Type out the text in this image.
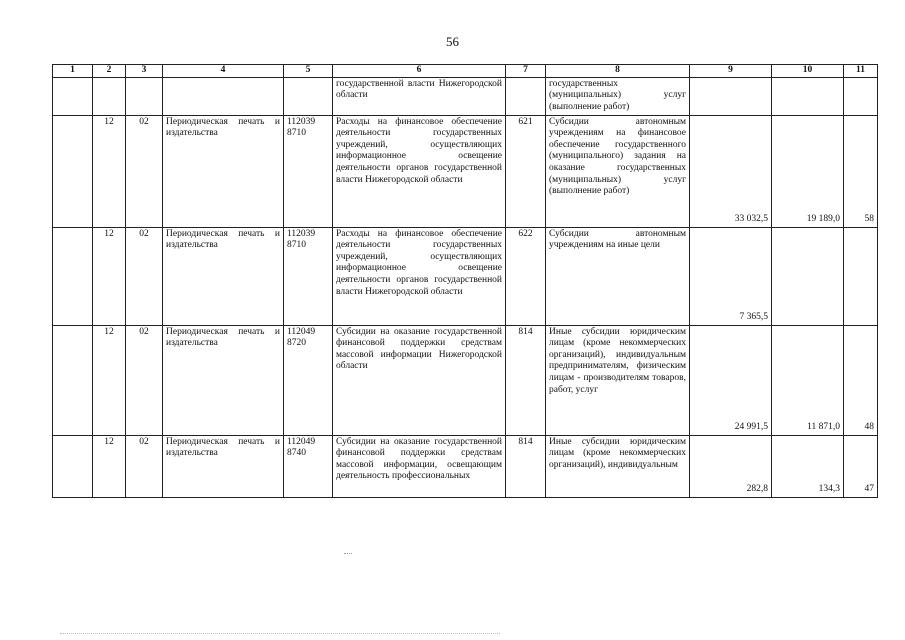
56
1	2	3	4	5	6	7	8	9	10	11
					государственной власти Нижегородской области		государственных (муниципальных) услуг (выполнение работ)			
	12	02	Периодическая печать и издательства	112039 8710	Расходы на финансовое обеспечение деятельности государственных учреждений, осуществляющих информационное освещение деятельности органов государственной власти Нижегородской области	621	Субсидии автономным учреждениям на финансовое обеспечение государственного (муниципального) задания на оказание государственных (муниципальных) услуг (выполнение работ)	33 032,5	19 189,0	58
	12	02	Периодическая печать и издательства	112039 8710	Расходы на финансовое обеспечение деятельности государственных учреждений, осуществляющих информационное освещение деятельности органов государственной власти Нижегородской области	622	Субсидии автономным учреждениям на иные цели	7 365,5		
	12	02	Периодическая печать и издательства	112049 8720	Субсидии на оказание государственной финансовой поддержки средствам массовой информации Нижегородской области	814	Иные субсидии юридическим лицам (кроме некоммерческих организаций), индивидуальным предпринимателям, физическим лицам - производителям товаров, работ, услуг	24 991,5	11 871,0	48
	12	02	Периодическая печать и издательства	112049 8740	Субсидии на оказание государственной финансовой поддержки средствам массовой информации, освещающим деятельность профессиональных	814	Иные субсидии юридическим лицам (кроме некоммерческих организаций), индивидуальным	282,8	134,3	47
